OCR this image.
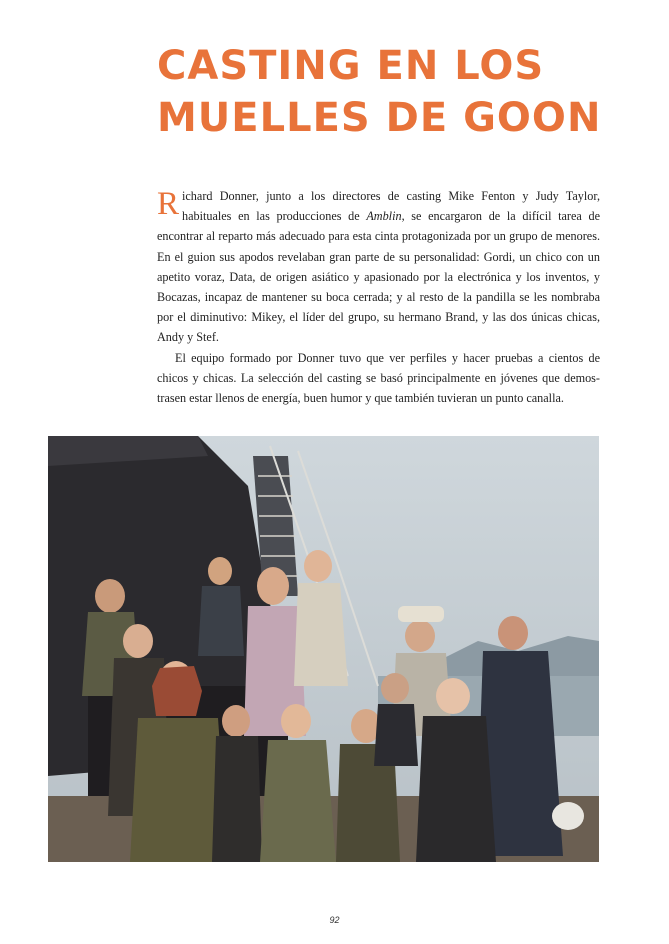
CASTING EN LOS
MUELLES DE GOON

Richard Donner, junto a los directores de casting Mike Fenton y Judy Taylor, habituales en las producciones de Amblin, se encargaron de la difícil tarea de encontrar al reparto más adecuado para esta cinta protagonizada por un grupo de menores. En el guion sus apodos revelaban gran parte de su personalidad: Gordi, un chico con un apetito voraz, Data, de origen asiático y apasionado por la electrónica y los inventos, y Bocazas, incapaz de mantener su boca cerrada; y al resto de la pandilla se les nombraba por el diminutivo: Mikey, el líder del grupo, su hermano Brand, y las dos únicas chicas, Andy y Stef.

El equipo formado por Donner tuvo que ver perfiles y hacer pruebas a cientos de chicos y chicas. La selección del casting se basó principalmente en jóvenes que demos-trasen estar llenos de energía, buen humor y que también tuvieran un punto canalla.

92
